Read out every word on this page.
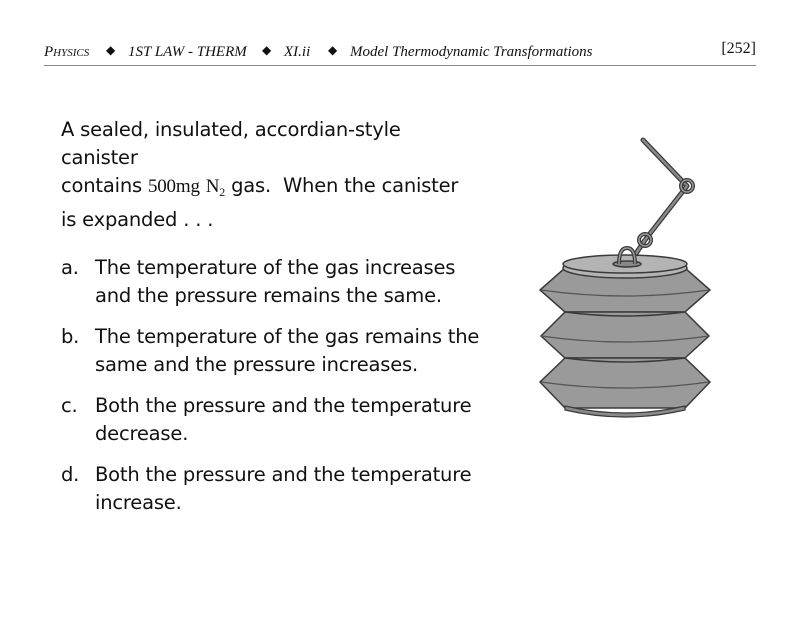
Physics ◆ 1ST LAW - THERM ◆ XI.ii ◆ Model Thermodynamic Transformations	[252]
A sealed, insulated, accordian-style canister
contains 500mg $N_2$ gas.  When the canister
is expanded . . .
a. The temperature of the gas increases and the pressure remains the same.
b. The temperature of the gas remains the same and the pressure increases.
c. Both the pressure and the temperature decrease.
d. Both the pressure and the temperature increase.
